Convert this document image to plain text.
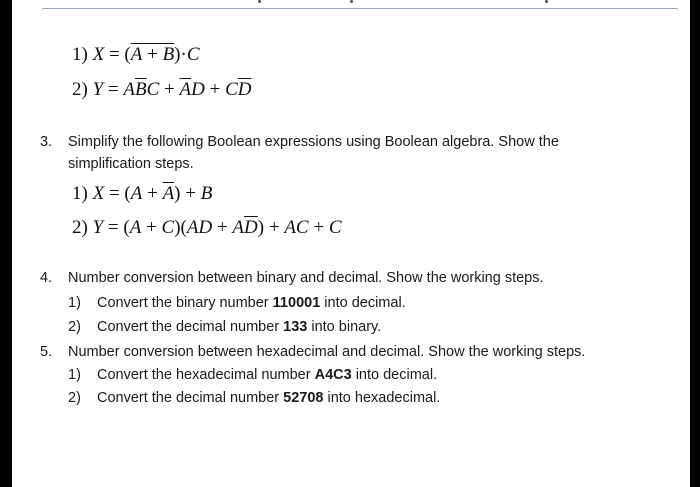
1) X = (A + B)·C
2) $Y = A\overline{B}C + \overline{A}D + C\overline{D}$
3. Simplify the following Boolean expressions using Boolean algebra. Show the
simplification steps.
1) $X = (A + \overline{A}) + B$
2) $Y = (A + C)(AD + A\overline{D})$ + AC + C
4. Number conversion between binary and decimal. Show the working steps.
1) Convert the binary number 110001 into decimal.
2) Convert the decimal number 133 into binary.
5. Number conversion between hexadecimal and decimal. Show the working steps.
1) Convert the hexadecimal number A4C3 into decimal.
2) Convert the decimal number 52708 into hexadecimal.
